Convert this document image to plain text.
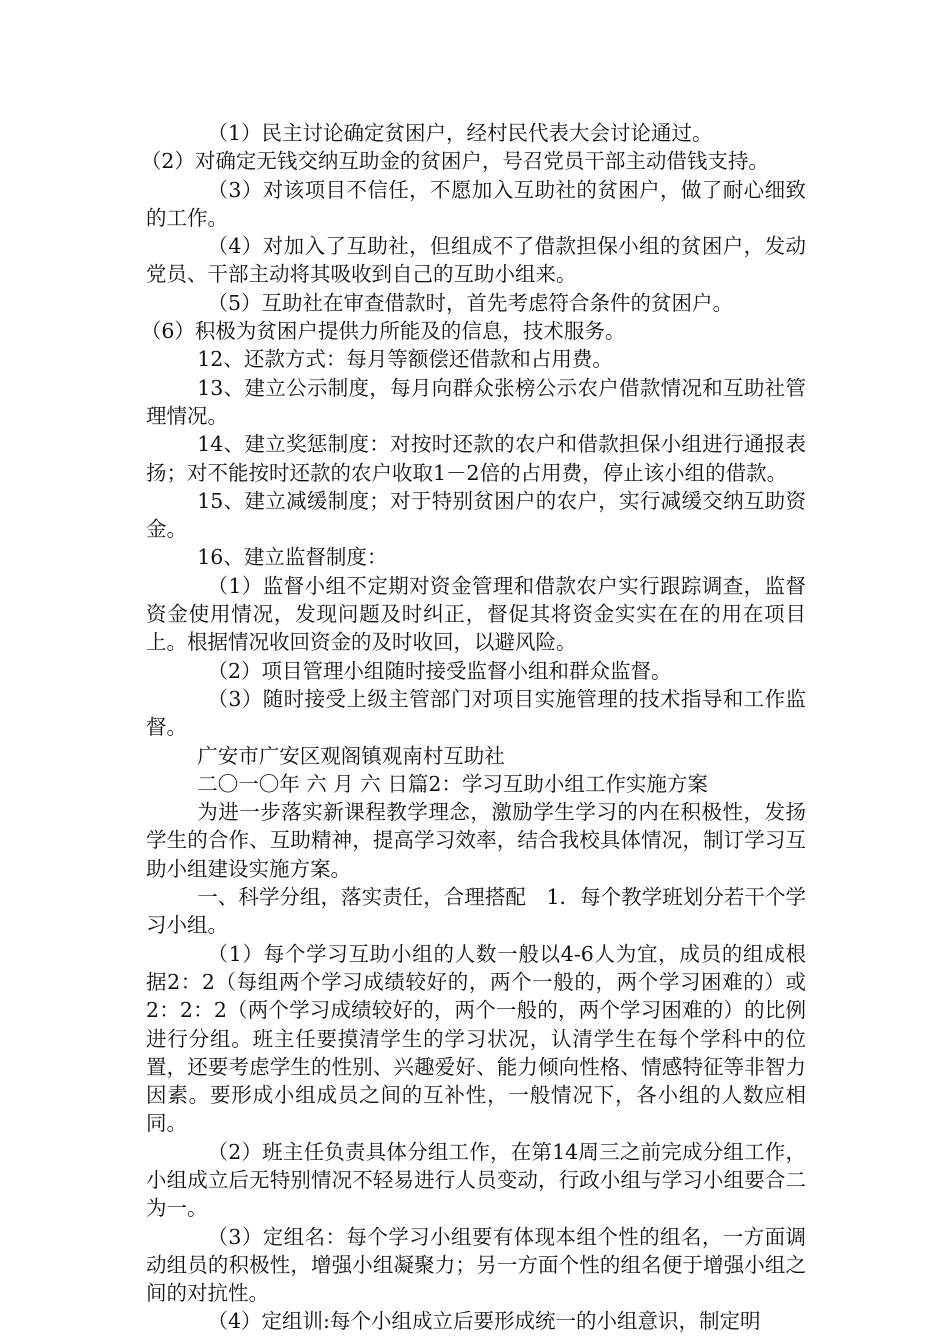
（1）民主讨论确定贫困户，经村民代表大会讨论通过。

（2）对确定无钱交纳互助金的贫困户，号召党员干部主动借钱支持。

（3）对该项目不信任，不愿加入互助社的贫困户，做了耐心细致的工作。

（4）对加入了互助社，但组成不了借款担保小组的贫困户，发动党员、干部主动将其吸收到自己的互助小组来。

（5）互助社在审查借款时，首先考虑符合条件的贫困户。

（6）积极为贫困户提供力所能及的信息，技术服务。

12、还款方式：每月等额偿还借款和占用费。

13、建立公示制度，每月向群众张榜公示农户借款情况和互助社管理情况。

14、建立奖惩制度：对按时还款的农户和借款担保小组进行通报表扬；对不能按时还款的农户收取1－2倍的占用费，停止该小组的借款。

15、建立减缓制度；对于特别贫困户的农户，实行减缓交纳互助资金。

16、建立监督制度：

（1）监督小组不定期对资金管理和借款农户实行跟踪调查，监督资金使用情况，发现问题及时纠正，督促其将资金实实在在的用在项目上。根据情况收回资金的及时收回，以避风险。

（2）项目管理小组随时接受监督小组和群众监督。

（3）随时接受上级主管部门对项目实施管理的技术指导和工作监督。

广安市广安区观阁镇观南村互助社

二〇一〇年 六 月 六 日篇2：学习互助小组工作实施方案

为进一步落实新课程教学理念，激励学生学习的内在积极性，发扬学生的合作、互助精神，提高学习效率，结合我校具体情况，制订学习互助小组建设实施方案。

一、科学分组，落实责任，合理搭配　1．每个教学班划分若干个学习小组。

（1）每个学习互助小组的人数一般以4-6人为宜，成员的组成根据2：2（每组两个学习成绩较好的，两个一般的，两个学习困难的）或2：2：2（两个学习成绩较好的，两个一般的，两个学习困难的）的比例进行分组。班主任要摸清学生的学习状况，认清学生在每个学科中的位置，还要考虑学生的性别、兴趣爱好、能力倾向性格、情感特征等非智力因素。要形成小组成员之间的互补性，一般情况下，各小组的人数应相同。

（2）班主任负责具体分组工作，在第14周三之前完成分组工作，小组成立后无特别情况不轻易进行人员变动，行政小组与学习小组要合二为一。

（3）定组名：每个学习小组要有体现本组个性的组名，一方面调动组员的积极性，增强小组凝聚力；另一方面个性的组名便于增强小组之间的对抗性。

（4）定组训:每个小组成立后要形成统一的小组意识，制定明
